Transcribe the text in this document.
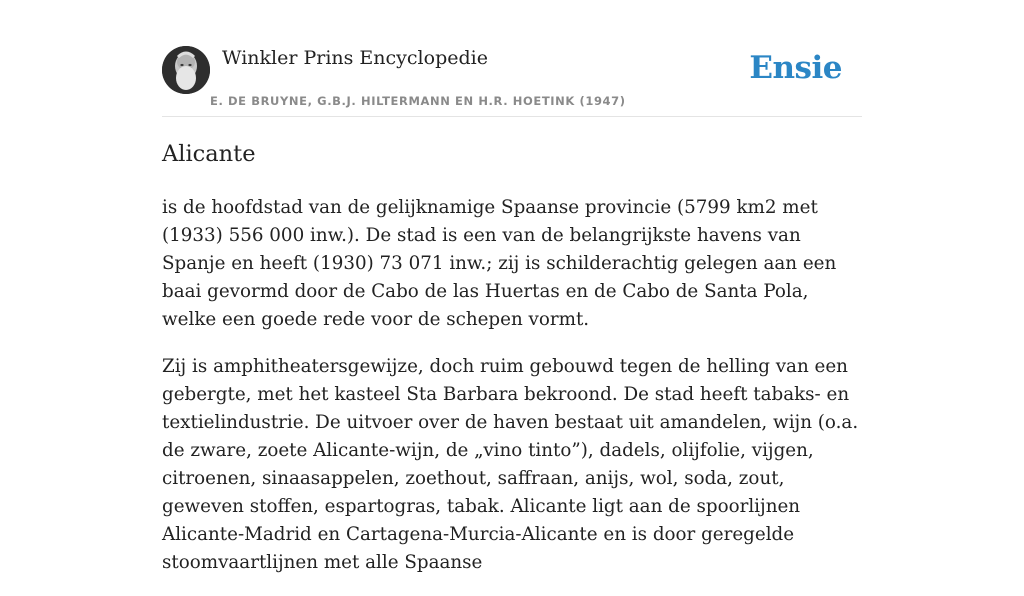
Winkler Prins Encyclopedie
E. DE BRUYNE, G.B.J. HILTERMANN EN H.R. HOETINK (1947)
Ensie
Alicante

is de hoofdstad van de gelijknamige Spaanse provincie (5799 km2 met (1933) 556 000 inw.). De stad is een van de belangrijkste havens van Spanje en heeft (1930) 73 071 inw.; zij is schilderachtig gelegen aan een baai gevormd door de Cabo de las Huertas en de Cabo de Santa Pola, welke een goede rede voor de schepen vormt.

Zij is amphitheatersgewijze, doch ruim gebouwd tegen de helling van een gebergte, met het kasteel Sta Barbara bekroond. De stad heeft tabaks- en textielindustrie. De uitvoer over de haven bestaat uit amandelen, wijn (o.a. de zware, zoete Alicante-wijn, de „vino tinto”), dadels, olijfolie, vijgen, citroenen, sinaasappelen, zoethout, saffraan, anijs, wol, soda, zout, geweven stoffen, espartogras, tabak. Alicante ligt aan de spoorlijnen Alicante-Madrid en Cartagena-Murcia-Alicante en is door geregelde stoomvaartlijnen met alle Spaanse
